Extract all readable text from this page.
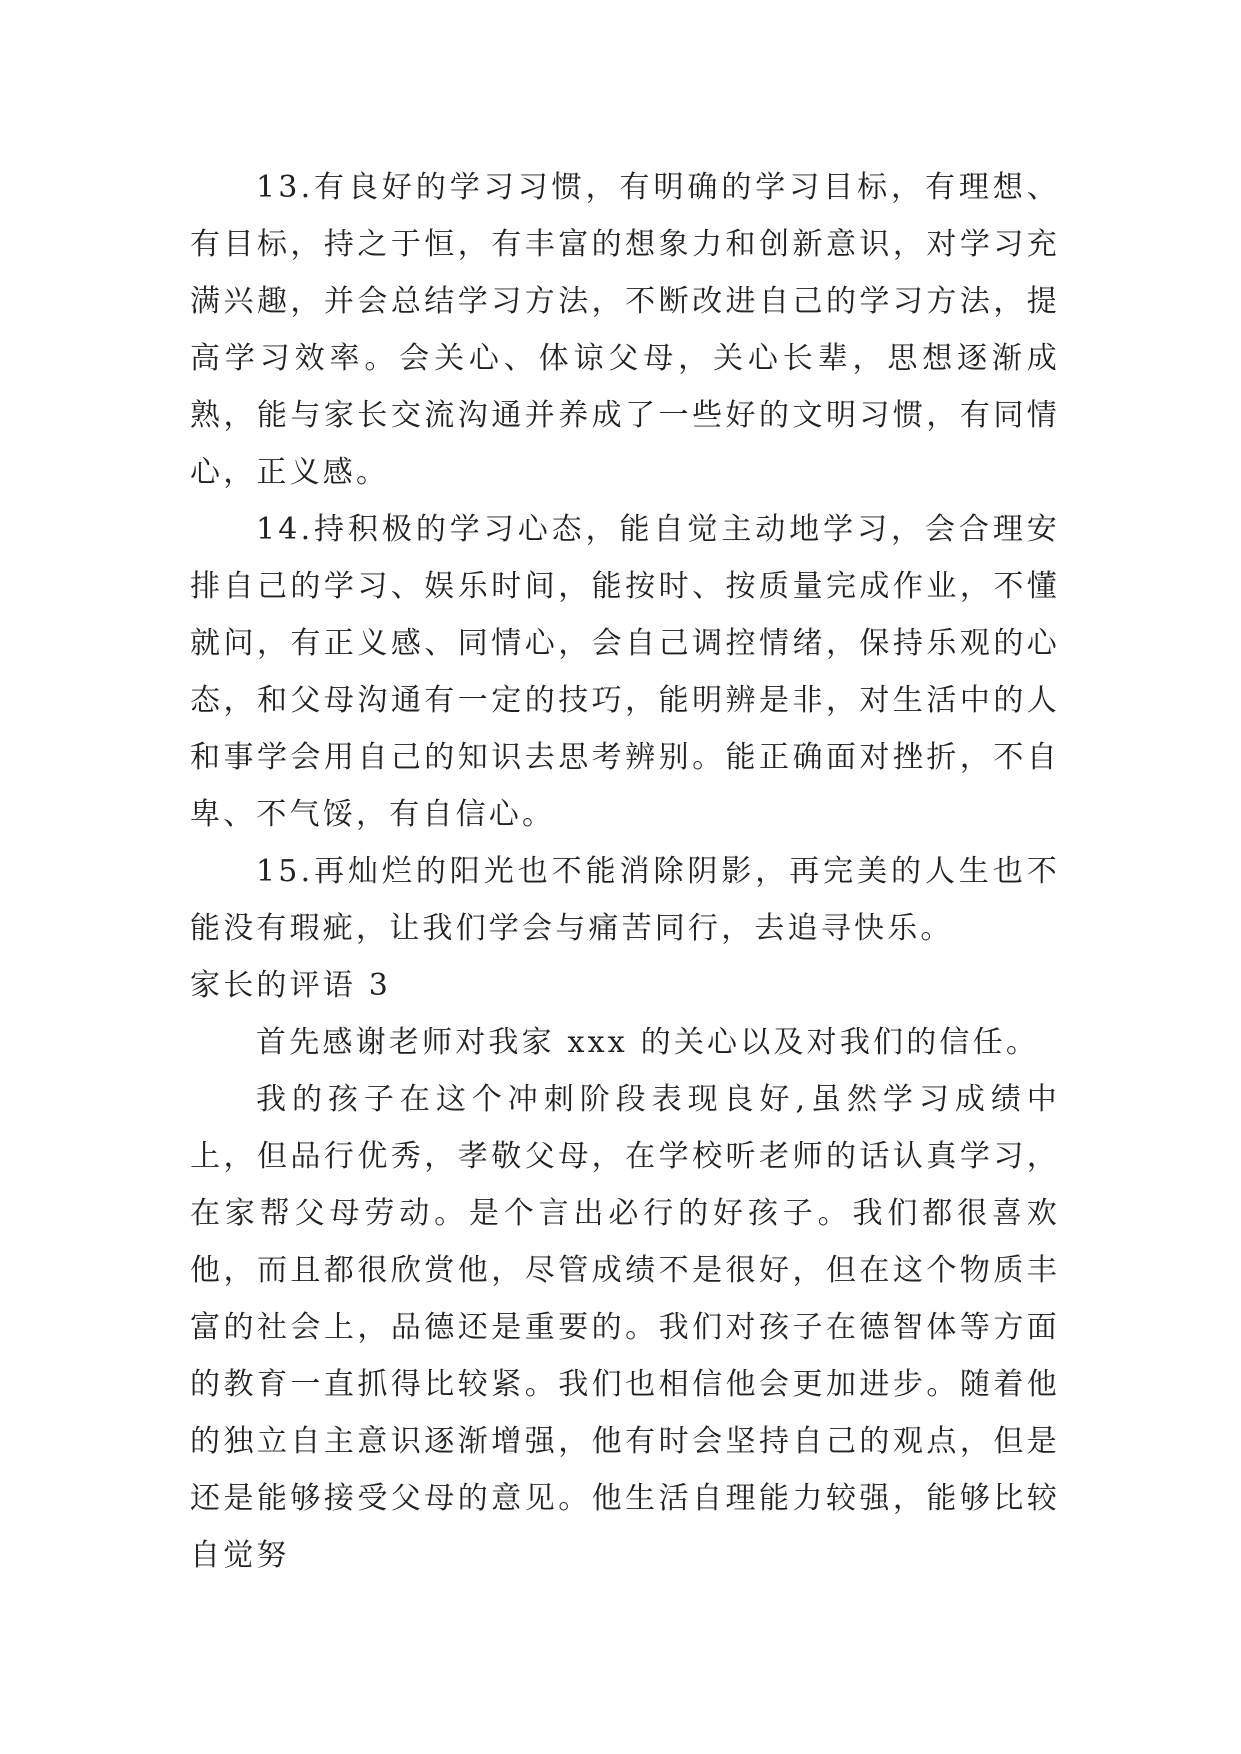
13.有良好的学习习惯，有明确的学习目标，有理想、有目标，持之于恒，有丰富的想象力和创新意识，对学习充满兴趣，并会总结学习方法，不断改进自己的学习方法，提高学习效率。会关心、体谅父母，关心长辈，思想逐渐成熟，能与家长交流沟通并养成了一些好的文明习惯，有同情心，正义感。

14.持积极的学习心态，能自觉主动地学习，会合理安排自己的学习、娱乐时间，能按时、按质量完成作业，不懂就问，有正义感、同情心，会自己调控情绪，保持乐观的心态，和父母沟通有一定的技巧，能明辨是非，对生活中的人和事学会用自己的知识去思考辨别。能正确面对挫折，不自卑、不气馁，有自信心。

15.再灿烂的阳光也不能消除阴影，再完美的人生也不能没有瑕疵，让我们学会与痛苦同行，去追寻快乐。

家长的评语 3

首先感谢老师对我家 xxx 的关心以及对我们的信任。

我的孩子在这个冲刺阶段表现良好,虽然学习成绩中上，但品行优秀，孝敬父母，在学校听老师的话认真学习，在家帮父母劳动。是个言出必行的好孩子。我们都很喜欢他，而且都很欣赏他，尽管成绩不是很好，但在这个物质丰富的社会上，品德还是重要的。我们对孩子在德智体等方面的教育一直抓得比较紧。我们也相信他会更加进步。随着他的独立自主意识逐渐增强，他有时会坚持自己的观点，但是还是能够接受父母的意见。他生活自理能力较强，能够比较自觉努
